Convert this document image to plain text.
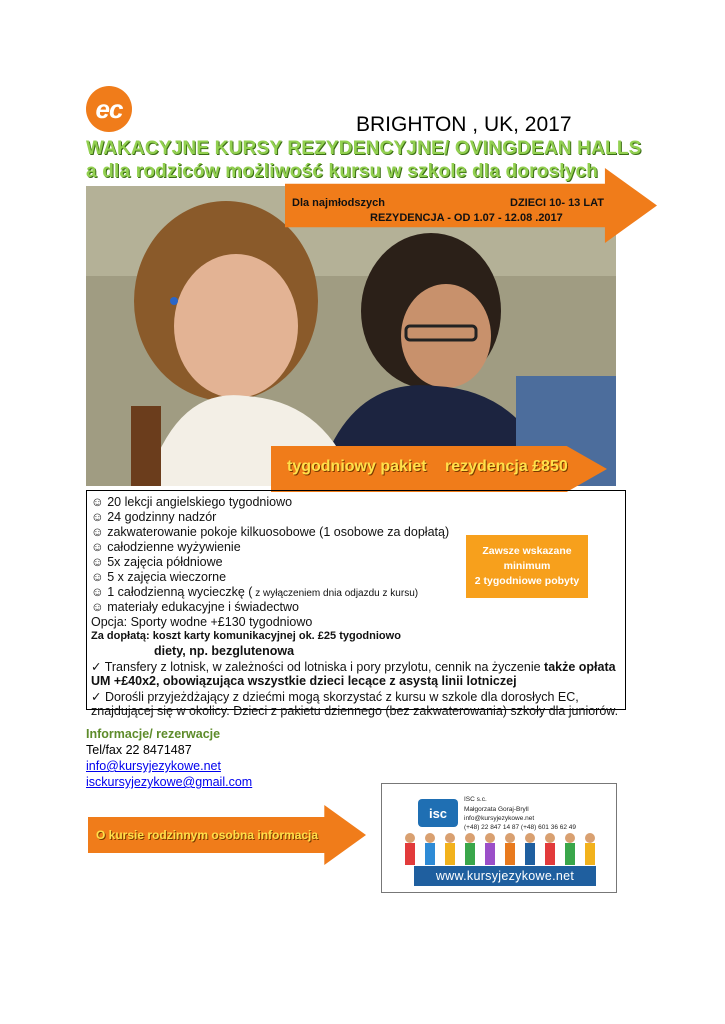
ec
BRIGHTON , UK, 2017
WAKACYJNE KURSY REZYDENCYJNE/ OVINGDEAN HALLS
a dla rodziców możliwość kursu w szkole dla dorosłych
Dla najmłodszych	DZIECI 10- 13 LAT
REZYDENCJA - OD 1.07 - 12.08 .2017
tygodniowy pakiet rezydencja £850
☺ 20 lekcji angielskiego tygodniowo
☺ 24 godzinny nadzór
☺ zakwaterowanie pokoje kilkuosobowe (1 osobowe za dopłatą)
☺ całodzienne wyżywienie
☺ 5x zajęcia półdniowe
☺ 5 x zajęcia wieczorne
☺ 1 całodzienną wycieczkę ( z wyłączeniem dnia odjazdu z kursu)
☺ materiały edukacyjne i świadectwo
Opcja: Sporty wodne +£130 tygodniowo
Za dopłatą: koszt karty komunikacyjnej ok. £25 tygodniowo
diety, np. bezglutenowa
✓ Transfery z lotnisk, w zależności od lotniska i pory przylotu, cennik na życzenie także opłata
UM +£40x2, obowiązująca wszystkie dzieci lecące z asystą linii lotniczej
✓ Dorośli przyjeżdżający z dziećmi mogą skorzystać z kursu w szkole dla dorosłych EC,
znajdującej się w okolicy. Dzieci z pakietu dziennego (bez zakwaterowania) szkoły dla juniorów.
Zawsze wskazane
minimum
2 tygodniowe pobyty
Informacje/ rezerwacje
Tel/fax 22 8471487
info@kursyjezykowe.net
isckursyjezykowe@gmail.com
O kursie rodzinnym osobna informacja
isc
ISC s.c.
Małgorzata Goraj-Bryll
info@kursyjezykowe.net
(+48) 22 847 14 87 (+48) 601 36 62 49
www.kursyjezykowe.net
